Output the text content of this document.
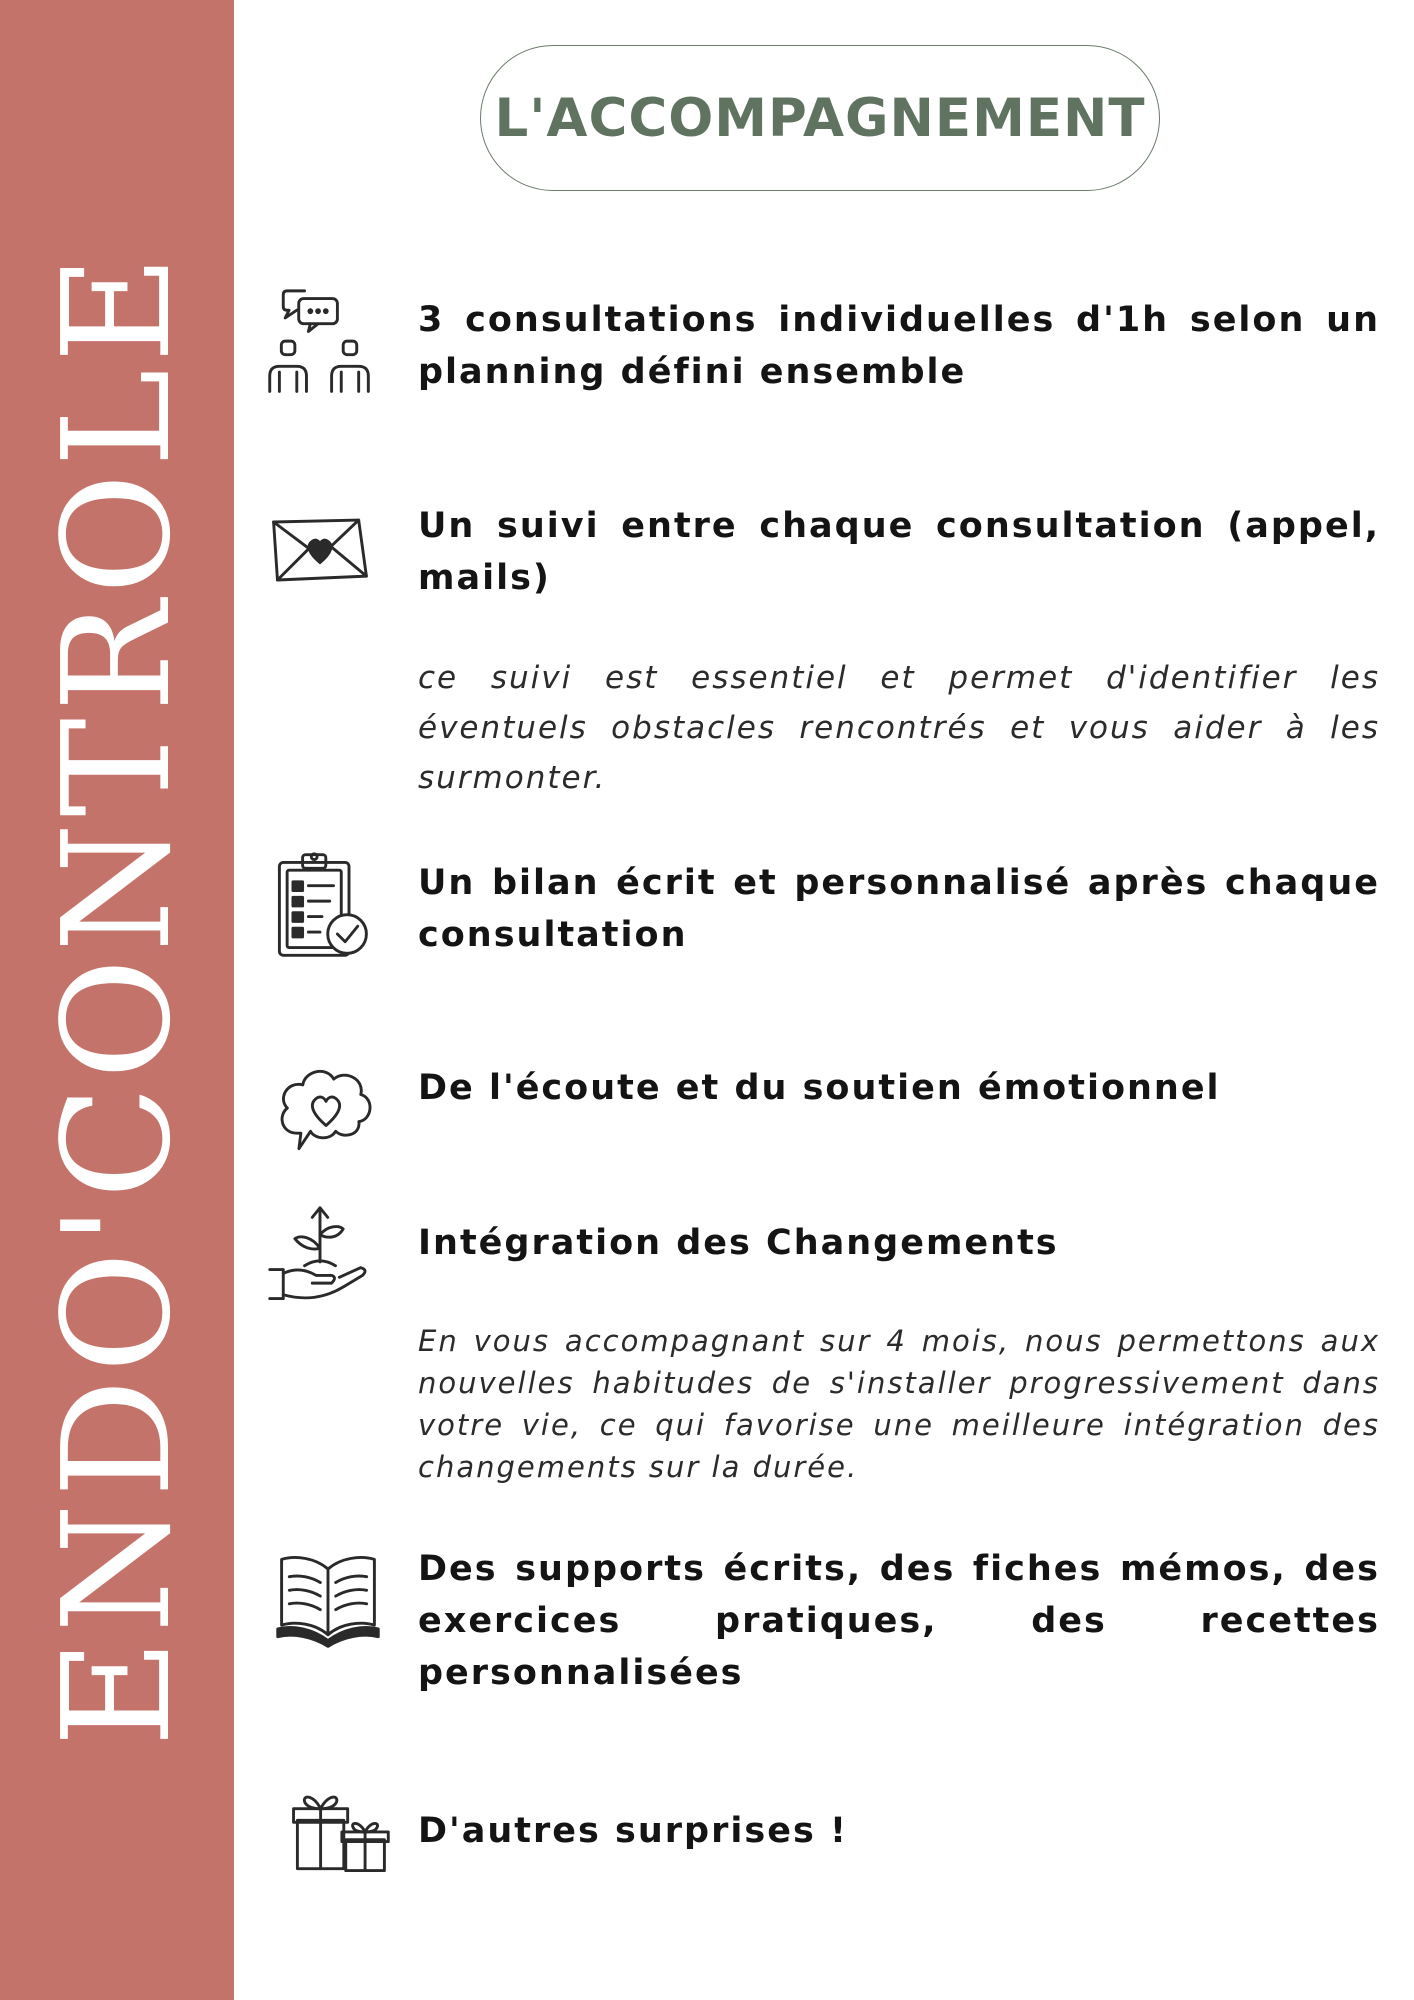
ENDO'CONTROLE
L'ACCOMPAGNEMENT
3 consultations individuelles d'1h selon un planning défini ensemble
Un suivi entre chaque consultation (appel, mails)
ce suivi est essentiel et permet d'identifier les éventuels obstacles rencontrés et vous aider à les surmonter.
Un bilan écrit et personnalisé après chaque consultation
De l'écoute et du soutien émotionnel
Intégration des Changements
En vous accompagnant sur 4 mois, nous permettons aux nouvelles habitudes de s'installer progressivement dans votre vie, ce qui favorise une meilleure intégration des changements sur la durée.
Des supports écrits, des fiches mémos, des exercices pratiques, des recettes personnalisées
D'autres surprises !
